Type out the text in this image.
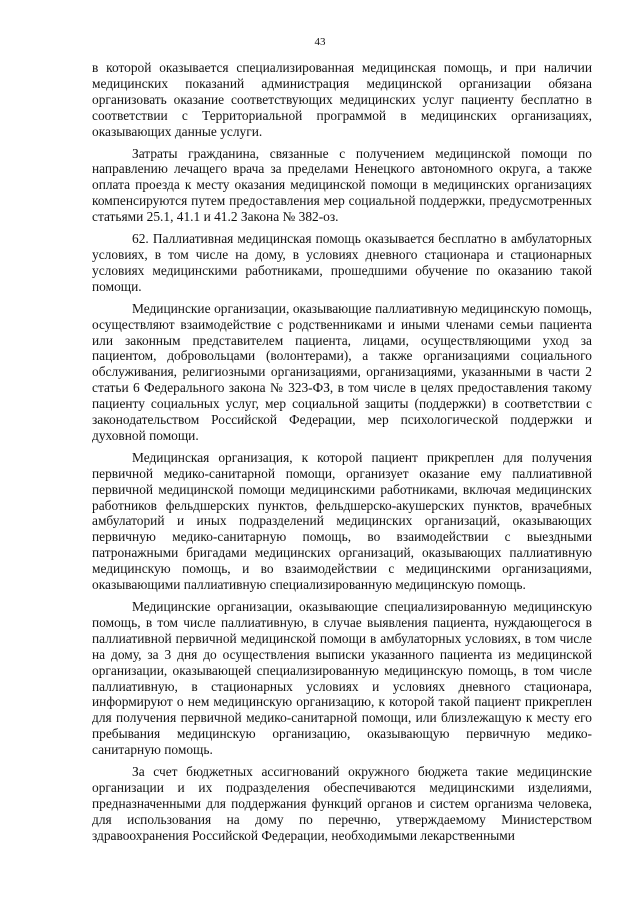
43

в которой оказывается специализированная медицинская помощь, и при наличии медицинских показаний администрация медицинской организации обязана организовать оказание соответствующих медицинских услуг пациенту бесплатно в соответствии с Территориальной программой в медицинских организациях, оказывающих данные услуги.

Затраты гражданина, связанные с получением медицинской помощи по направлению лечащего врача за пределами Ненецкого автономного округа, а также оплата проезда к месту оказания медицинской помощи в медицинских организациях компенсируются путем предоставления мер социальной поддержки, предусмотренных статьями 25.1, 41.1 и 41.2 Закона № 382-оз.

62. Паллиативная медицинская помощь оказывается бесплатно в амбулаторных условиях, в том числе на дому, в условиях дневного стационара и стационарных условиях медицинскими работниками, прошедшими обучение по оказанию такой помощи.

Медицинские организации, оказывающие паллиативную медицинскую помощь, осуществляют взаимодействие с родственниками и иными членами семьи пациента или законным представителем пациента, лицами, осуществляющими уход за пациентом, добровольцами (волонтерами), а также организациями социального обслуживания, религиозными организациями, организациями, указанными в части 2 статьи 6 Федерального закона № 323-ФЗ, в том числе в целях предоставления такому пациенту социальных услуг, мер социальной защиты (поддержки) в соответствии с законодательством Российской Федерации, мер психологической поддержки и духовной помощи.

Медицинская организация, к которой пациент прикреплен для получения первичной медико-санитарной помощи, организует оказание ему паллиативной первичной медицинской помощи медицинскими работниками, включая медицинских работников фельдшерских пунктов, фельдшерско-акушерских пунктов, врачебных амбулаторий и иных подразделений медицинских организаций, оказывающих первичную медико-санитарную помощь, во взаимодействии с выездными патронажными бригадами медицинских организаций, оказывающих паллиативную медицинскую помощь, и во взаимодействии с медицинскими организациями, оказывающими паллиативную специализированную медицинскую помощь.

Медицинские организации, оказывающие специализированную медицинскую помощь, в том числе паллиативную, в случае выявления пациента, нуждающегося в паллиативной первичной медицинской помощи в амбулаторных условиях, в том числе на дому, за 3 дня до осуществления выписки указанного пациента из медицинской организации, оказывающей специализированную медицинскую помощь, в том числе паллиативную, в стационарных условиях и условиях дневного стационара, информируют о нем медицинскую организацию, к которой такой пациент прикреплен для получения первичной медико-санитарной помощи, или близлежащую к месту его пребывания медицинскую организацию, оказывающую первичную медико-санитарную помощь.

За счет бюджетных ассигнований окружного бюджета такие медицинские организации и их подразделения обеспечиваются медицинскими изделиями, предназначенными для поддержания функций органов и систем организма человека, для использования на дому по перечню, утверждаемому Министерством здравоохранения Российской Федерации, необходимыми лекарственными
